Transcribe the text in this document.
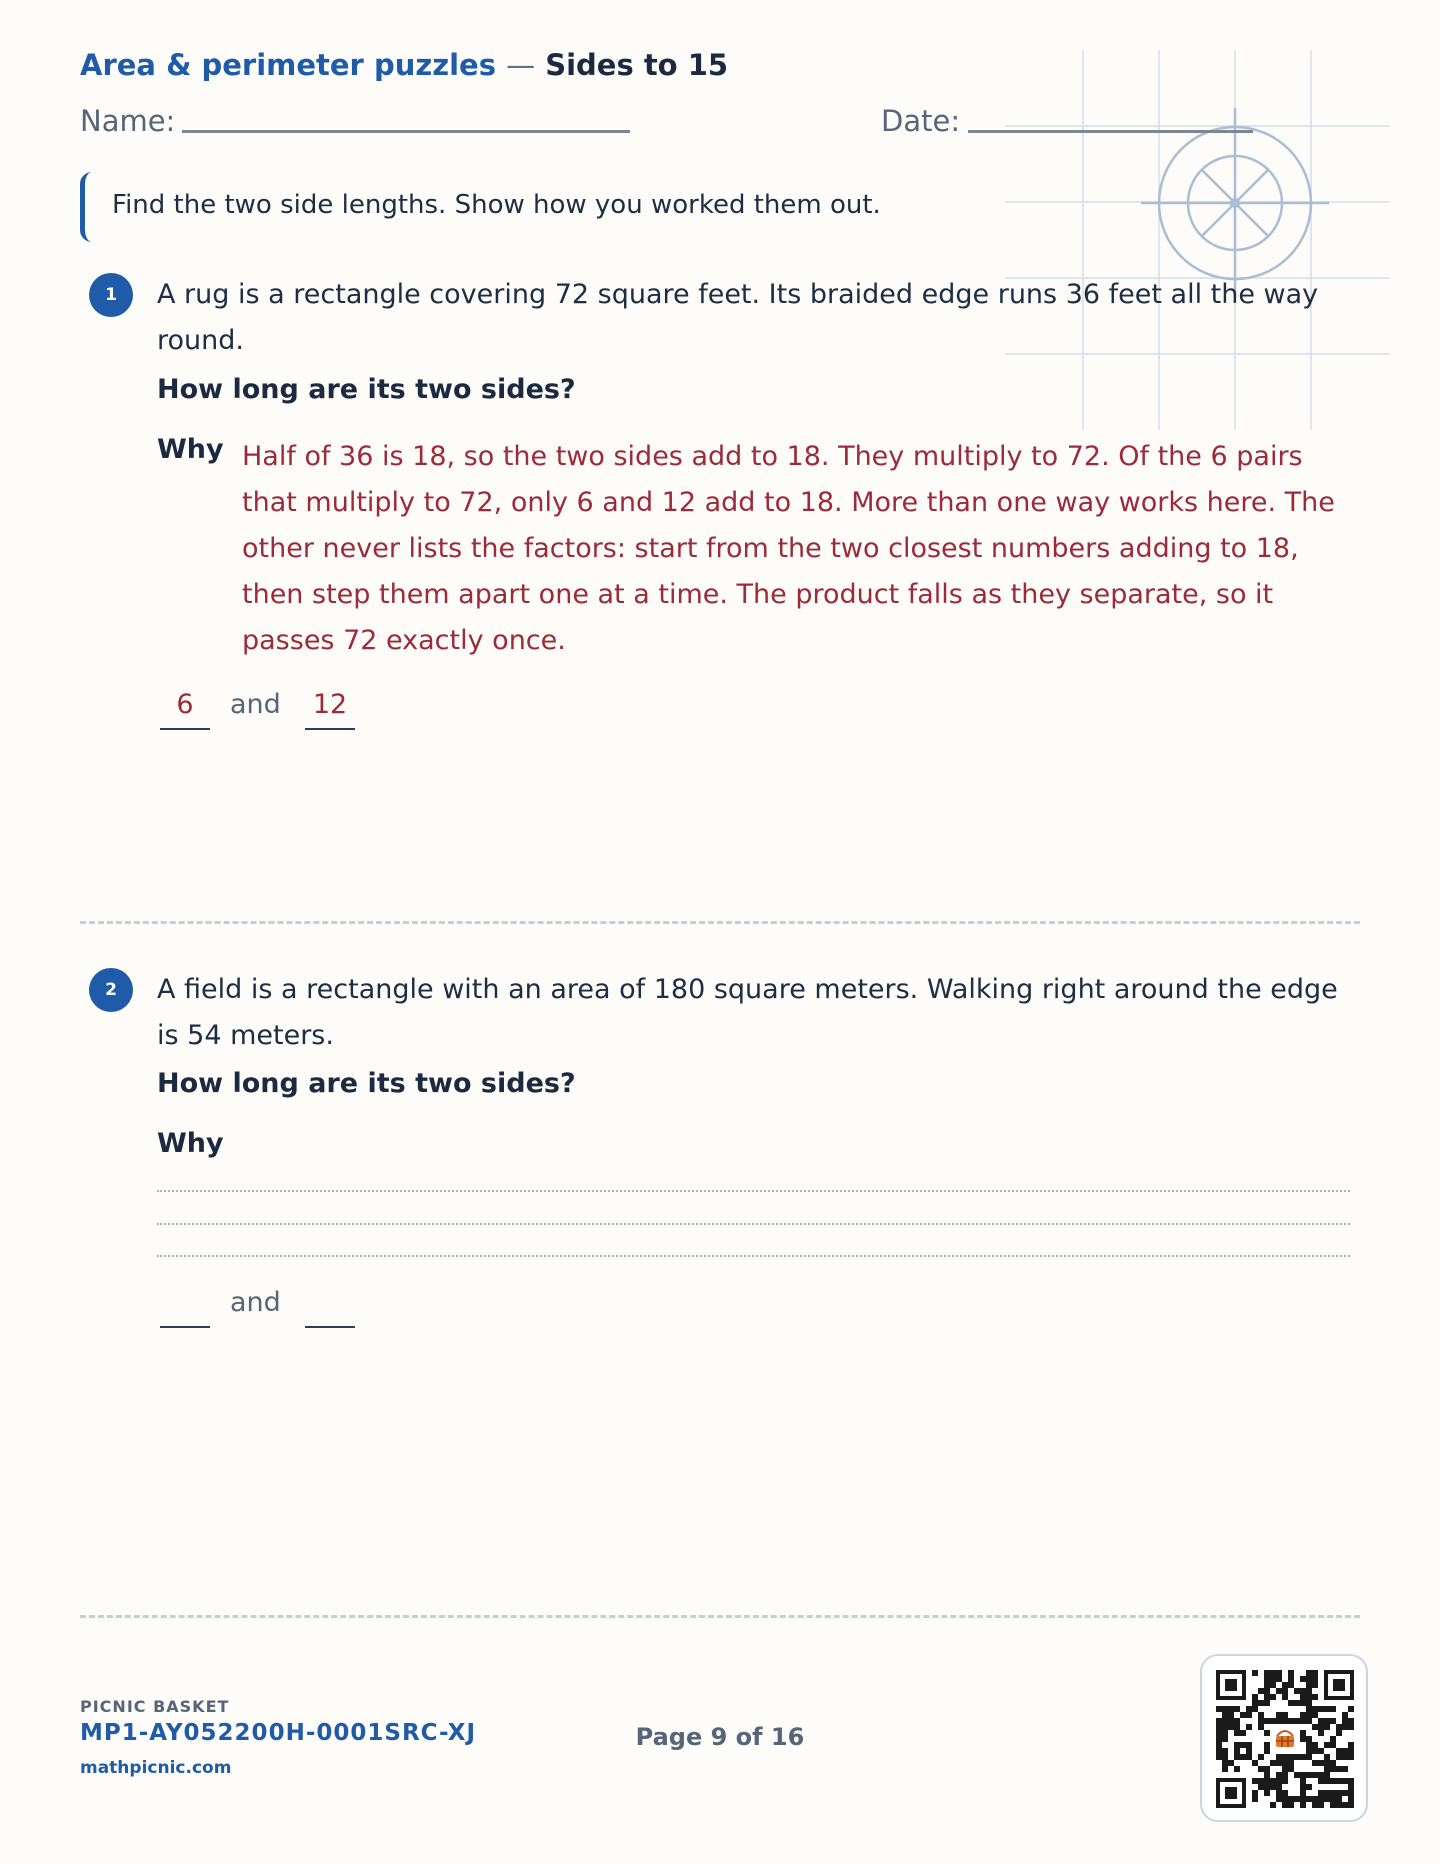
Area & perimeter puzzles — Sides to 15
Name:	Date:
Find the two side lengths. Show how you worked them out.
1	A rug is a rectangle covering 72 square feet. Its braided edge runs 36 feet all the way round.
How long are its two sides?
Why Half of 36 is 18, so the two sides add to 18. They multiply to 72. Of the 6 pairs that multiply to 72, only 6 and 12 add to 18. More than one way works here. The other never lists the factors: start from the two closest numbers adding to 18, then step them apart one at a time. The product falls as they separate, so it passes 72 exactly once.
6	and 12
2	A field is a rectangle with an area of 180 square meters. Walking right around the edge is 54 meters.
How long are its two sides?
Why
and
PICNIC BASKET
MP1-AY052200H-0001SRC-XJ
mathpicnic.com
Page 9 of 16
